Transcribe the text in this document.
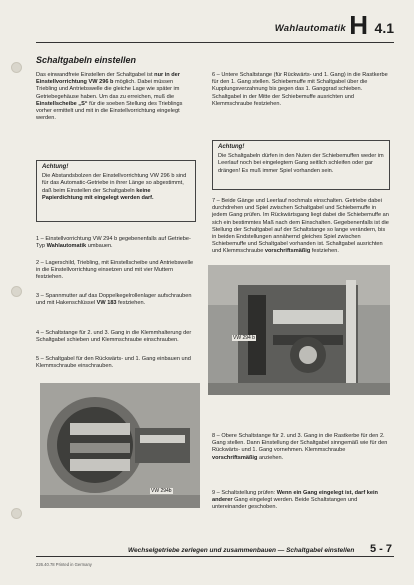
Wahlautomatik H 4.1
Schaltgabeln einstellen
Das einwandfreie Einstellen der Schaltgabel ist nur in der Einstellvorrichtung VW 296 b möglich. Dabei müssen Triebling und Antriebswelle die gleiche Lage wie später im Getriebegehäuse haben. Um das zu erreichen, muß die Einstellscheibe „S“ für die soeben Stellung des Trieblings vorher ermittelt und mit in die Einstellvorrichtung eingelegt werden.
Achtung!
Die Abstandsbolzen der Einstellvorrichtung VW 296 b sind für das Automatic-Getriebe in ihrer Länge so abgestimmt, daß beim Einstellen der Schaltgabeln keine Papierdichtung mit eingelegt werden darf.
1 – Einstellvorrichtung VW 294 b gegebenenfalls auf Getriebe-Typ Wahlautomatik umbauen.
2 – Lagerschild, Triebling, mit Einstellscheibe und Antriebswelle in die Einstellvorrichtung einsetzen und mit vier Muttern festziehen.
3 – Spannmutter auf das Doppelkegelrollenlager aufschrauben und mit Hakenschlüssel VW 183 festziehen.
4 – Schaltstange für 2. und 3. Gang in die Klemmhalterung der Schaltgabel schieben und Klemmschraube einschrauben.
5 – Schaltgabel für den Rückwärts- und 1. Gang einbauen und Klemmschraube einschrauben.
6 – Untere Schaltstange (für Rückwärts- und 1. Gang) in die Rastkerbe für den 1. Gang stellen. Schiebemuffe mit Schaltgabel über die Kupplungsverzahnung bis gegen das 1. Ganggrad schieben. Schaltgabel in der Mitte der Schiebemuffe ausrichten und Klemmschraube festziehen.
Achtung!
Die Schaltgabeln dürfen in den Nuten der Schiebemuffen weder im Leerlauf noch bei eingelegtem Gang seitlich schleifen oder gar drängen! Es muß immer Spiel vorhanden sein.
7 – Beide Gänge und Leerlauf nochmals einschalten. Getriebe dabei durchdrehen und Spiel zwischen Schaltgabel und Schiebemuffe in jedem Gang prüfen. Im Rückwärtsgang liegt dabei die Schiebemuffe an sich ein bestimmtes Maß nach dem Einschalten. Gegebenenfalls ist die Stellung der Schaltgabel auf der Schaltstange so lange verändern, bis in beiden Endstellungen annähernd gleiches Spiel zwischen Schiebemuffe und Schaltgabel vorhanden ist. Schaltgabel ausrichten und Klemmschraube vorschriftsmäßig festziehen.
VW 294 b
VW 294b
8 – Obere Schaltstange für 2. und 3. Gang in die Rastkerbe für den 2. Gang stellen. Dann Einstellung der Schaltgabel sinngemäß wie für den Rückwärts- und 1. Gang vornehmen. Klemmschraube vorschriftsmäßig anziehen.
9 – Schaltstellung prüfen: Wenn ein Gang eingelegt ist, darf kein anderer Gang eingelegt werden. Beide Schaltstangen und untereinander geschoben.
Wechselgetriebe zerlegen und zusammenbauen — Schaltgabel einstellen 5 - 7
226.40.78 Printed in Germany
